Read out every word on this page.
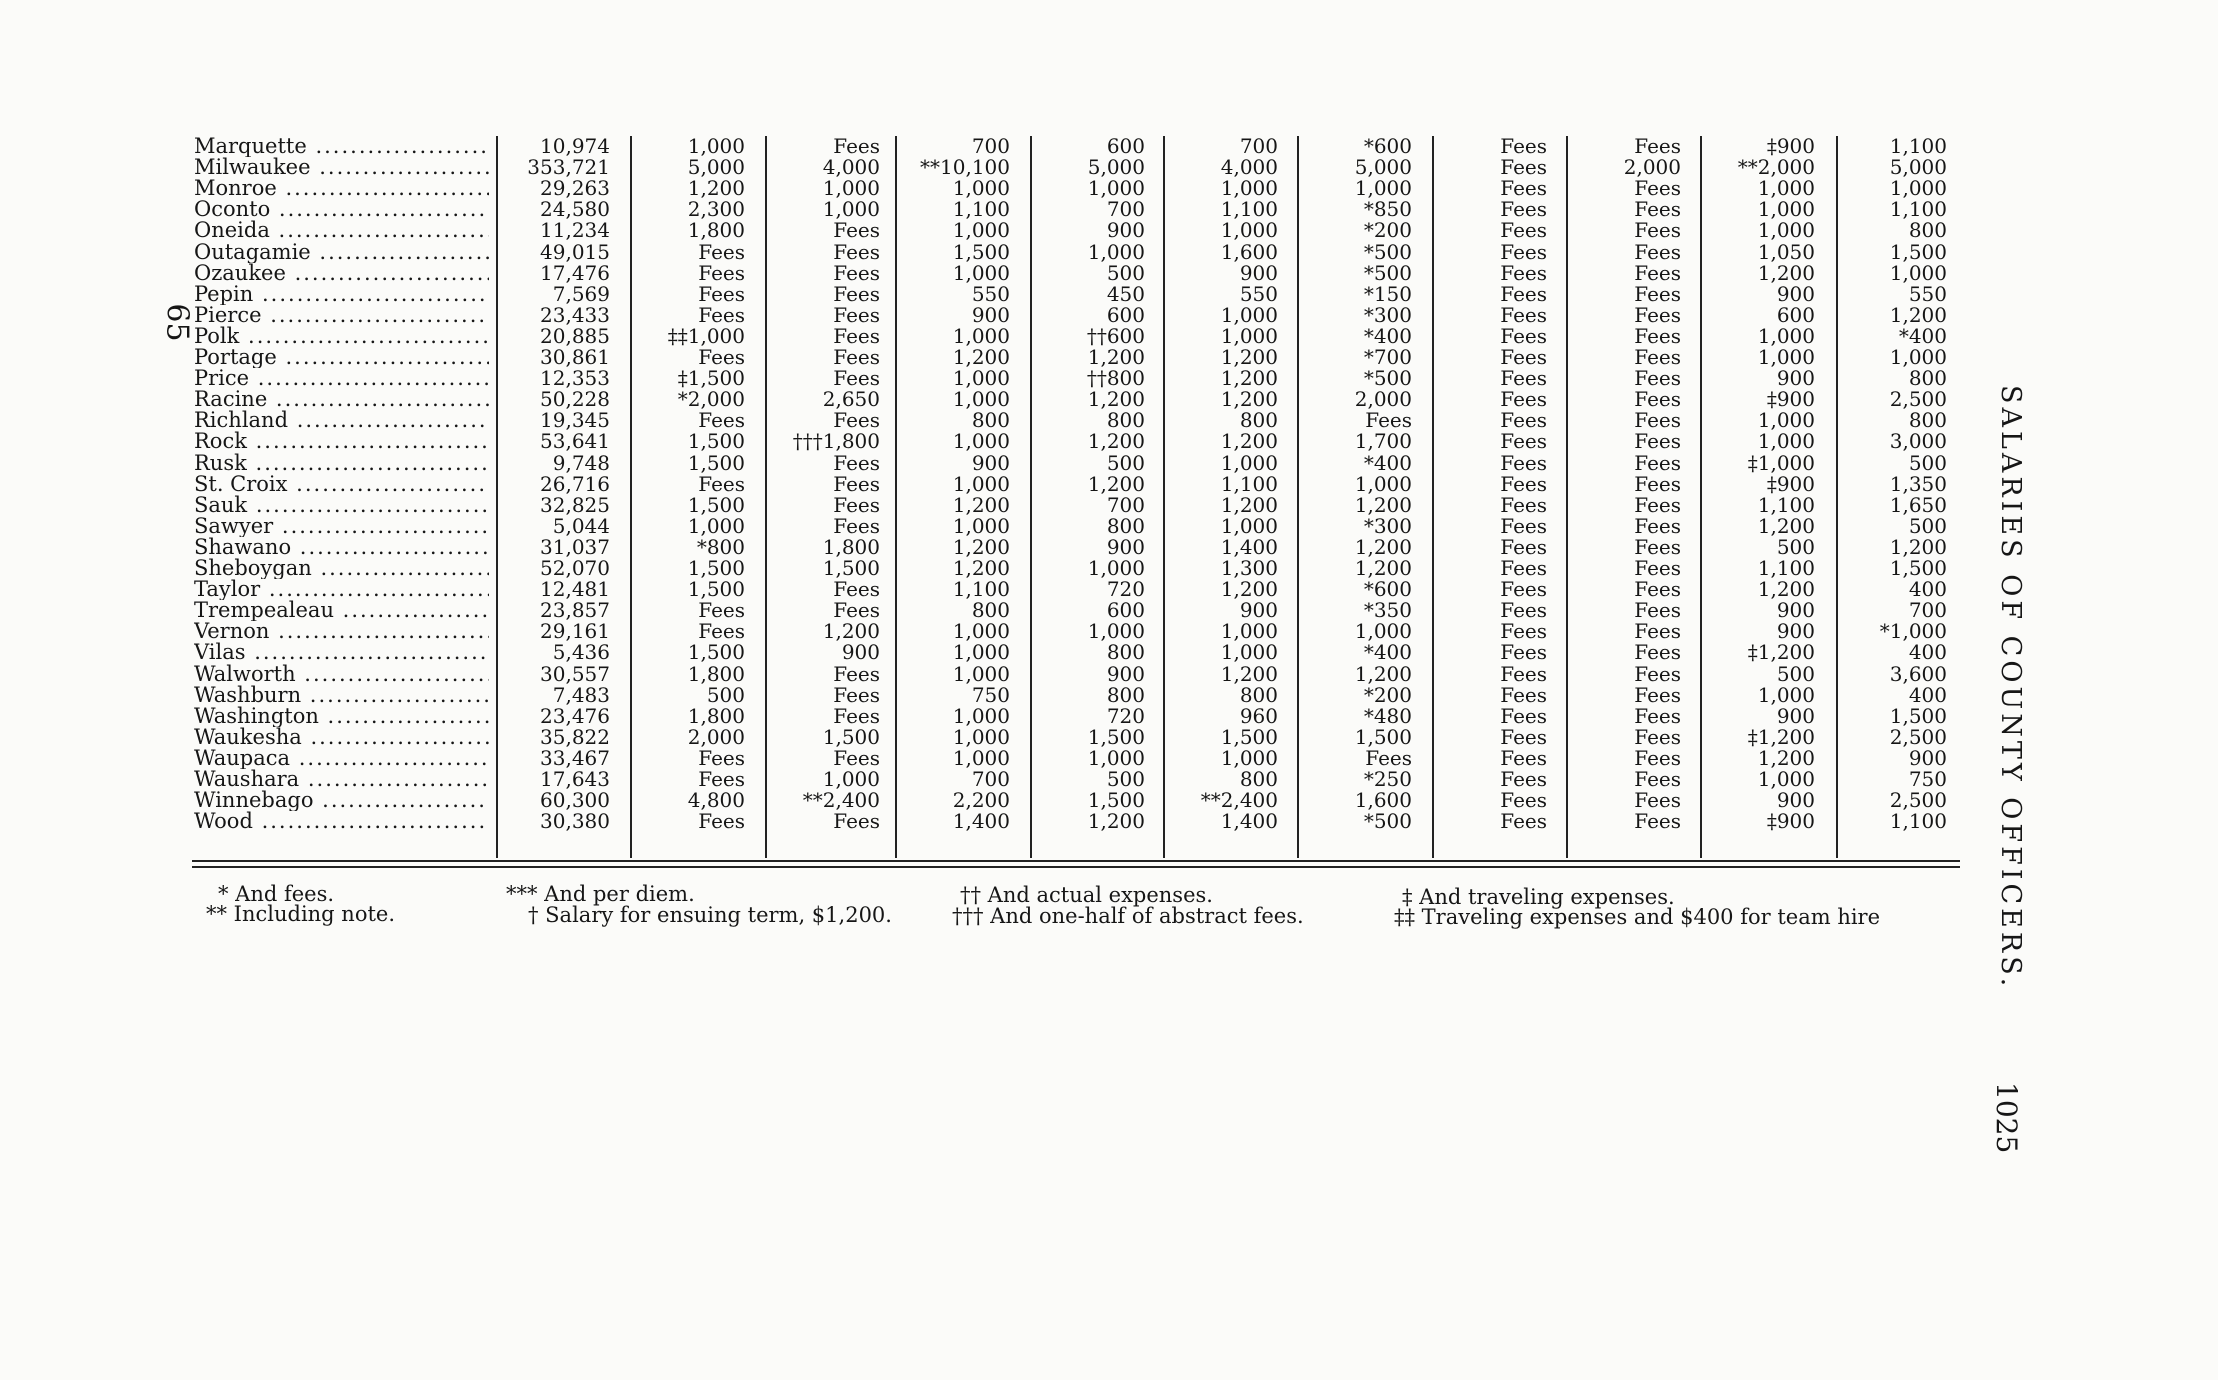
Marquette .....	10,974	1,000	Fees	700	600	700	*600	Fees	Fees	‡900	1,100
Milwaukee .....	353,721	5,000	4,000	**10,100	5,000	4,000	5,000	Fees	2,000	**2,000	5,000
Monroe .....	29,263	1,200	1,000	1,000	1,000	1,000	1,000	Fees	Fees	1,000	1,000
Oconto .....	24,580	2,300	1,000	1,100	700	1,100	*850	Fees	Fees	1,000	1,100
Oneida .....	11,234	1,800	Fees	1,000	900	1,000	*200	Fees	Fees	1,000	800
Outagamie .....	49,015	Fees	Fees	1,500	1,000	1,600	*500	Fees	Fees	1,050	1,500
Ozaukee .....	17,476	Fees	Fees	1,000	500	900	*500	Fees	Fees	1,200	1,000
Pepin .....	7,569	Fees	Fees	550	450	550	*150	Fees	Fees	900	550
Pierce .....	23,433	Fees	Fees	900	600	1,000	*300	Fees	Fees	600	1,200
Polk .....	20,885	‡‡1,000	Fees	1,000	††600	1,000	*400	Fees	Fees	1,000	*400
Portage .....	30,861	Fees	Fees	1,200	1,200	1,200	*700	Fees	Fees	1,000	1,000
Price .....	12,353	‡1,500	Fees	1,000	††800	1,200	*500	Fees	Fees	900	800
Racine .....	50,228	*2,000	2,650	1,000	1,200	1,200	2,000	Fees	Fees	‡900	2,500
Richland .....	19,345	Fees	Fees	800	800	800	Fees	Fees	Fees	1,000	800
Rock .....	53,641	1,500	†††1,800	1,000	1,200	1,200	1,700	Fees	Fees	1,000	3,000
Rusk .....	9,748	1,500	Fees	900	500	1,000	*400	Fees	Fees	‡1,000	500
St. Croix .....	26,716	Fees	Fees	1,000	1,200	1,100	1,000	Fees	Fees	‡900	1,350
Sauk .....	32,825	1,500	Fees	1,200	700	1,200	1,200	Fees	Fees	1,100	1,650
Sawyer .....	5,044	1,000	Fees	1,000	800	1,000	*300	Fees	Fees	1,200	500
Shawano .....	31,037	*800	1,800	1,200	900	1,400	1,200	Fees	Fees	500	1,200
Sheboygan .....	52,070	1,500	1,500	1,200	1,000	1,300	1,200	Fees	Fees	1,100	1,500
Taylor .....	12,481	1,500	Fees	1,100	720	1,200	*600	Fees	Fees	1,200	400
Trempealeau .....	23,857	Fees	Fees	800	600	900	*350	Fees	Fees	900	700
Vernon .....	29,161	Fees	1,200	1,000	1,000	1,000	1,000	Fees	Fees	900	*1,000
Vilas .....	5,436	1,500	900	1,000	800	1,000	*400	Fees	Fees	‡1,200	400
Walworth .....	30,557	1,800	Fees	1,000	900	1,200	1,200	Fees	Fees	500	3,600
Washburn .....	7,483	500	Fees	750	800	800	*200	Fees	Fees	1,000	400
Washington .....	23,476	1,800	Fees	1,000	720	960	*480	Fees	Fees	900	1,500
Waukesha .....	35,822	2,000	1,500	1,000	1,500	1,500	1,500	Fees	Fees	‡1,200	2,500
Waupaca .....	33,467	Fees	Fees	1,000	1,000	1,000	Fees	Fees	Fees	1,200	900
Waushara .....	17,643	Fees	1,000	700	500	800	*250	Fees	Fees	1,000	750
Winnebago .....	60,300	4,800	**2,400	2,200	1,500	**2,400	1,600	Fees	Fees	900	2,500
Wood .....	30,380	Fees	Fees	1,400	1,200	1,400	*500	Fees	Fees	‡900	1,100
* And fees.
** Including note.
*** And per diem.
† Salary for ensuing term, $1,200.
†† And actual expenses.
††† And one-half of abstract fees.
‡ And traveling expenses.
‡‡ Traveling expenses and $400 for team hire	SALARIES OF COUNTY OFFICERS.
1025
65
